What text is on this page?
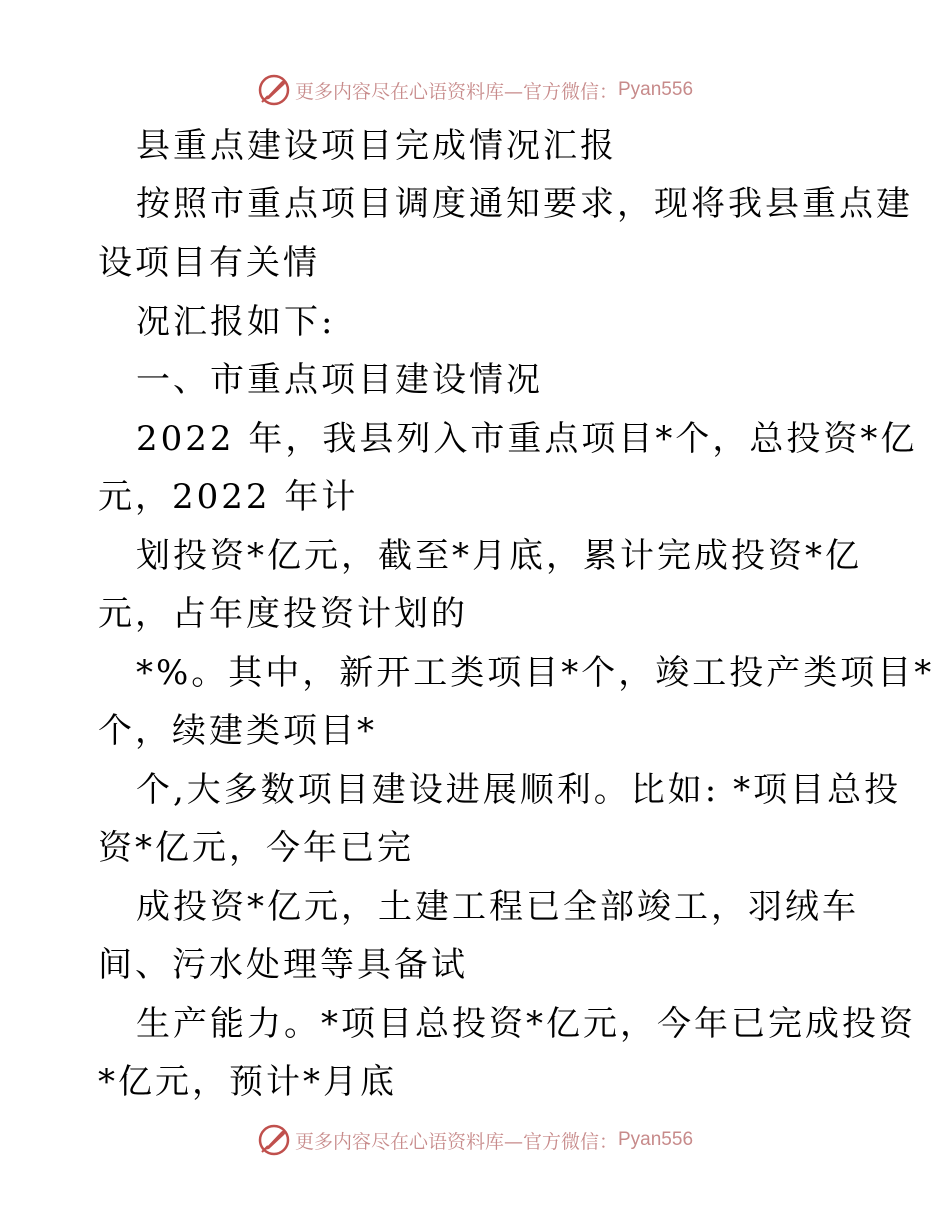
更多内容尽在心语资料库—官方微信： Pyan556
县重点建设项目完成情况汇报
按照市重点项目调度通知要求，现将我县重点建
设项目有关情
况汇报如下:
一、市重点项目建设情况
2022 年，我县列入市重点项目*个，总投资*亿
元，2022 年计
划投资*亿元，截至*月底，累计完成投资*亿
元，占年度投资计划的
*%。其中，新开工类项目*个，竣工投产类项目*
个，续建类项目*
个,大多数项目建设进展顺利。比如: *项目总投
资*亿元，今年已完
成投资*亿元，土建工程已全部竣工，羽绒车
间、污水处理等具备试
生产能力。*项目总投资*亿元，今年已完成投资
*亿元，预计*月底
更多内容尽在心语资料库—官方微信： Pyan556
